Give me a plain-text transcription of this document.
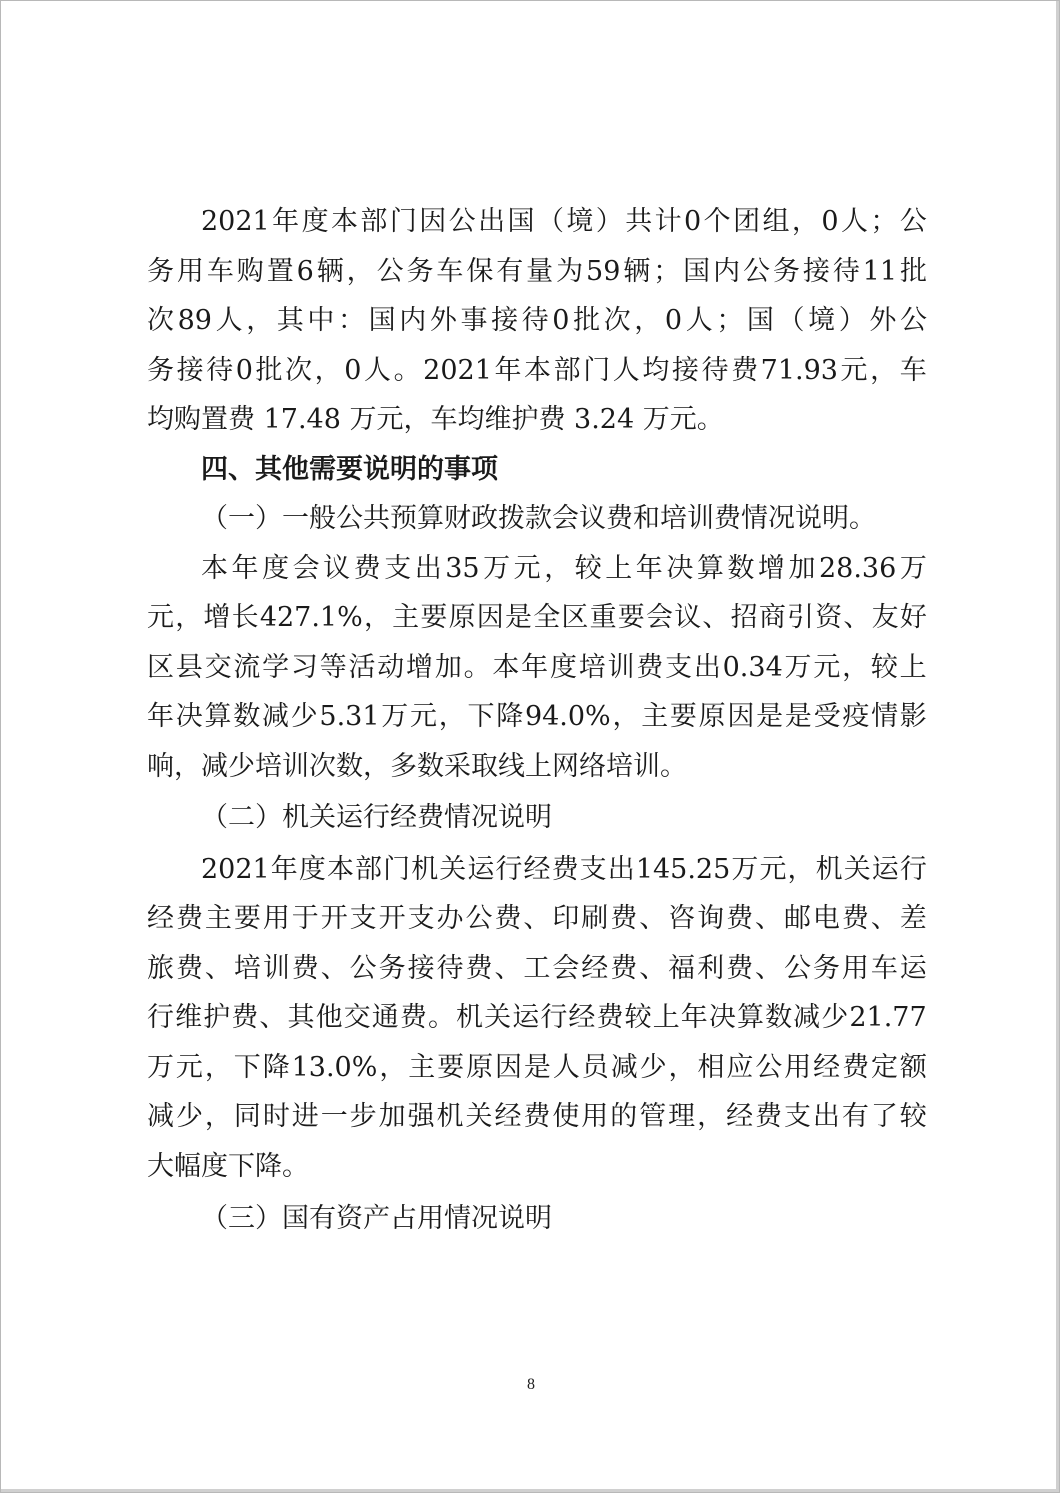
2021 年 度 本 部 门 因 公 出 国 （ 境 ） 共 计 0 个 团 组 ， 0 人 ； 公
务 用 车 购 置 6 辆 ， 公 务 车 保 有 量 为 59 辆 ； 国 内 公 务 接 待 11 批
次 89 人 ， 其 中 ： 国 内 外 事 接 待 0 批 次 ， 0 人 ； 国 （ 境 ） 外 公
务 接 待 0 批 次 ， 0 人 。 2021 年 本 部 门 人 均 接 待 费 71.93 元 ， 车
均购置费 17.48 万元，车均维护费 3.24 万元。
四、其他需要说明的事项
（一）一般公共预算财政拨款会议费和培训费情况说明。
本 年 度 会 议 费 支 出 35 万 元 ， 较 上 年 决 算 数 增 加 28.36 万
元 ， 增 长 427.1% ， 主 要 原 因 是 全 区 重 要 会 议 、 招 商 引 资 、 友 好
区 县 交 流 学 习 等 活 动 增 加 。 本 年 度 培 训 费 支 出 0.34 万 元 ， 较 上
年 决 算 数 减 少 5.31 万 元 ， 下 降 94.0% ， 主 要 原 因 是 是 受 疫 情 影
响，减少培训次数，多数采取线上网络培训。
（二）机关运行经费情况说明
2021 年 度 本 部 门 机 关 运 行 经 费 支 出 145.25 万 元 ， 机 关 运 行
经 费 主 要 用 于 开 支 开 支 办 公 费 、 印 刷 费 、 咨 询 费 、 邮 电 费 、 差
旅 费 、 培 训 费 、 公 务 接 待 费 、 工 会 经 费 、 福 利 费 、 公 务 用 车 运
行 维 护 费 、 其 他 交 通 费 。 机 关 运 行 经 费 较 上 年 决 算 数 减 少 21.77
万 元 ， 下 降 13.0% ， 主 要 原 因 是 人 员 减 少 ， 相 应 公 用 经 费 定 额
减 少 ， 同 时 进 一 步 加 强 机 关 经 费 使 用 的 管 理 ， 经 费 支 出 有 了 较
大幅度下降。
（三）国有资产占用情况说明
8
